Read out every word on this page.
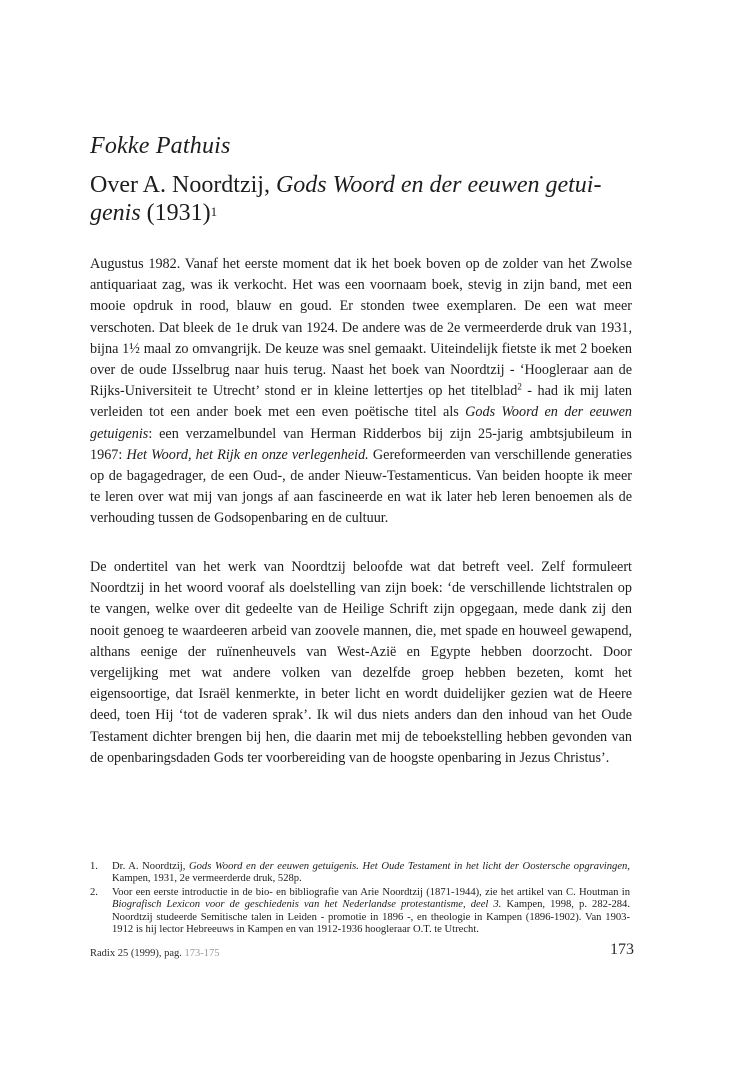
Fokke Pathuis
Over A. Noordtzij, Gods Woord en der eeuwen getui-genis $(1931)^1$
Augustus 1982. Vanaf het eerste moment dat ik het boek boven op de zolder van het Zwolse antiquariaat zag, was ik verkocht. Het was een voornaam boek, stevig in zijn band, met een mooie opdruk in rood, blauw en goud. Er stonden twee exemplaren. De een wat meer verschoten. Dat bleek de 1e druk van 1924. De andere was de 2e vermeerderde druk van 1931, bijna 1½ maal zo omvangrijk. De keuze was snel gemaakt. Uiteindelijk fietste ik met 2 boeken over de oude IJsselbrug naar huis terug. Naast het boek van Noordtzij - ‘Hoogleraar aan de Rijks-Universiteit te Utrecht’ stond er in kleine lettertjes op het titelblad$^2$ - had ik mij laten verleiden tot een ander boek met een even poëtische titel als Gods Woord en der eeuwen getuigenis: een verzamelbundel van Herman Ridderbos bij zijn 25-jarig ambtsjubileum in 1967: Het Woord, het Rijk en onze verlegenheid. Gereformeerden van verschillende generaties op de bagagedrager, de een Oud-, de ander Nieuw-Testamenticus. Van beiden hoopte ik meer te leren over wat mij van jongs af aan fascineerde en wat ik later heb leren benoemen als de verhouding tussen de Godsopenbaring en de cultuur.
De ondertitel van het werk van Noordtzij beloofde wat dat betreft veel. Zelf formuleert Noordtzij in het woord vooraf als doelstelling van zijn boek: ‘de verschillende lichtstralen op te vangen, welke over dit gedeelte van de Heilige Schrift zijn opgegaan, mede dank zij den nooit genoeg te waardeeren arbeid van zoovele mannen, die, met spade en houweel gewapend, althans eenige der ruïnenheuvels van West-Azië en Egypte hebben doorzocht. Door vergelijking met wat andere volken van dezelfde groep hebben bezeten, komt het eigensoortige, dat Israël kenmerkte, in beter licht en wordt duidelijker gezien wat de Heere deed, toen Hij ‘tot de vaderen sprak’. Ik wil dus niets anders dan den inhoud van het Oude Testament dichter brengen bij hen, die daarin met mij de teboekstelling hebben gevonden van de openbaringsdaden Gods ter voorbereiding van de hoogste openbaring in Jezus Christus’.
1.	Dr. A. Noordtzij, Gods Woord en der eeuwen getuigenis. Het Oude Testament in het licht der Oostersche opgravingen, Kampen, 1931, 2e vermeerderde druk, 528p.
2.	Voor een eerste introductie in de bio- en bibliografie van Arie Noordtzij (1871-1944), zie het artikel van C. Houtman in Biografisch Lexicon voor de geschiedenis van het Nederlandse protestantisme, deel 3. Kampen, 1998, p. 282-284. Noordtzij studeerde Semitische talen in Leiden - promotie in 1896 -, en theologie in Kampen (1896-1902). Van 1903-1912 is hij lector Hebreeuws in Kampen en van 1912-1936 hoogleraar O.T. te Utrecht.
Radix 25 (1999), pag. 173-175	173
